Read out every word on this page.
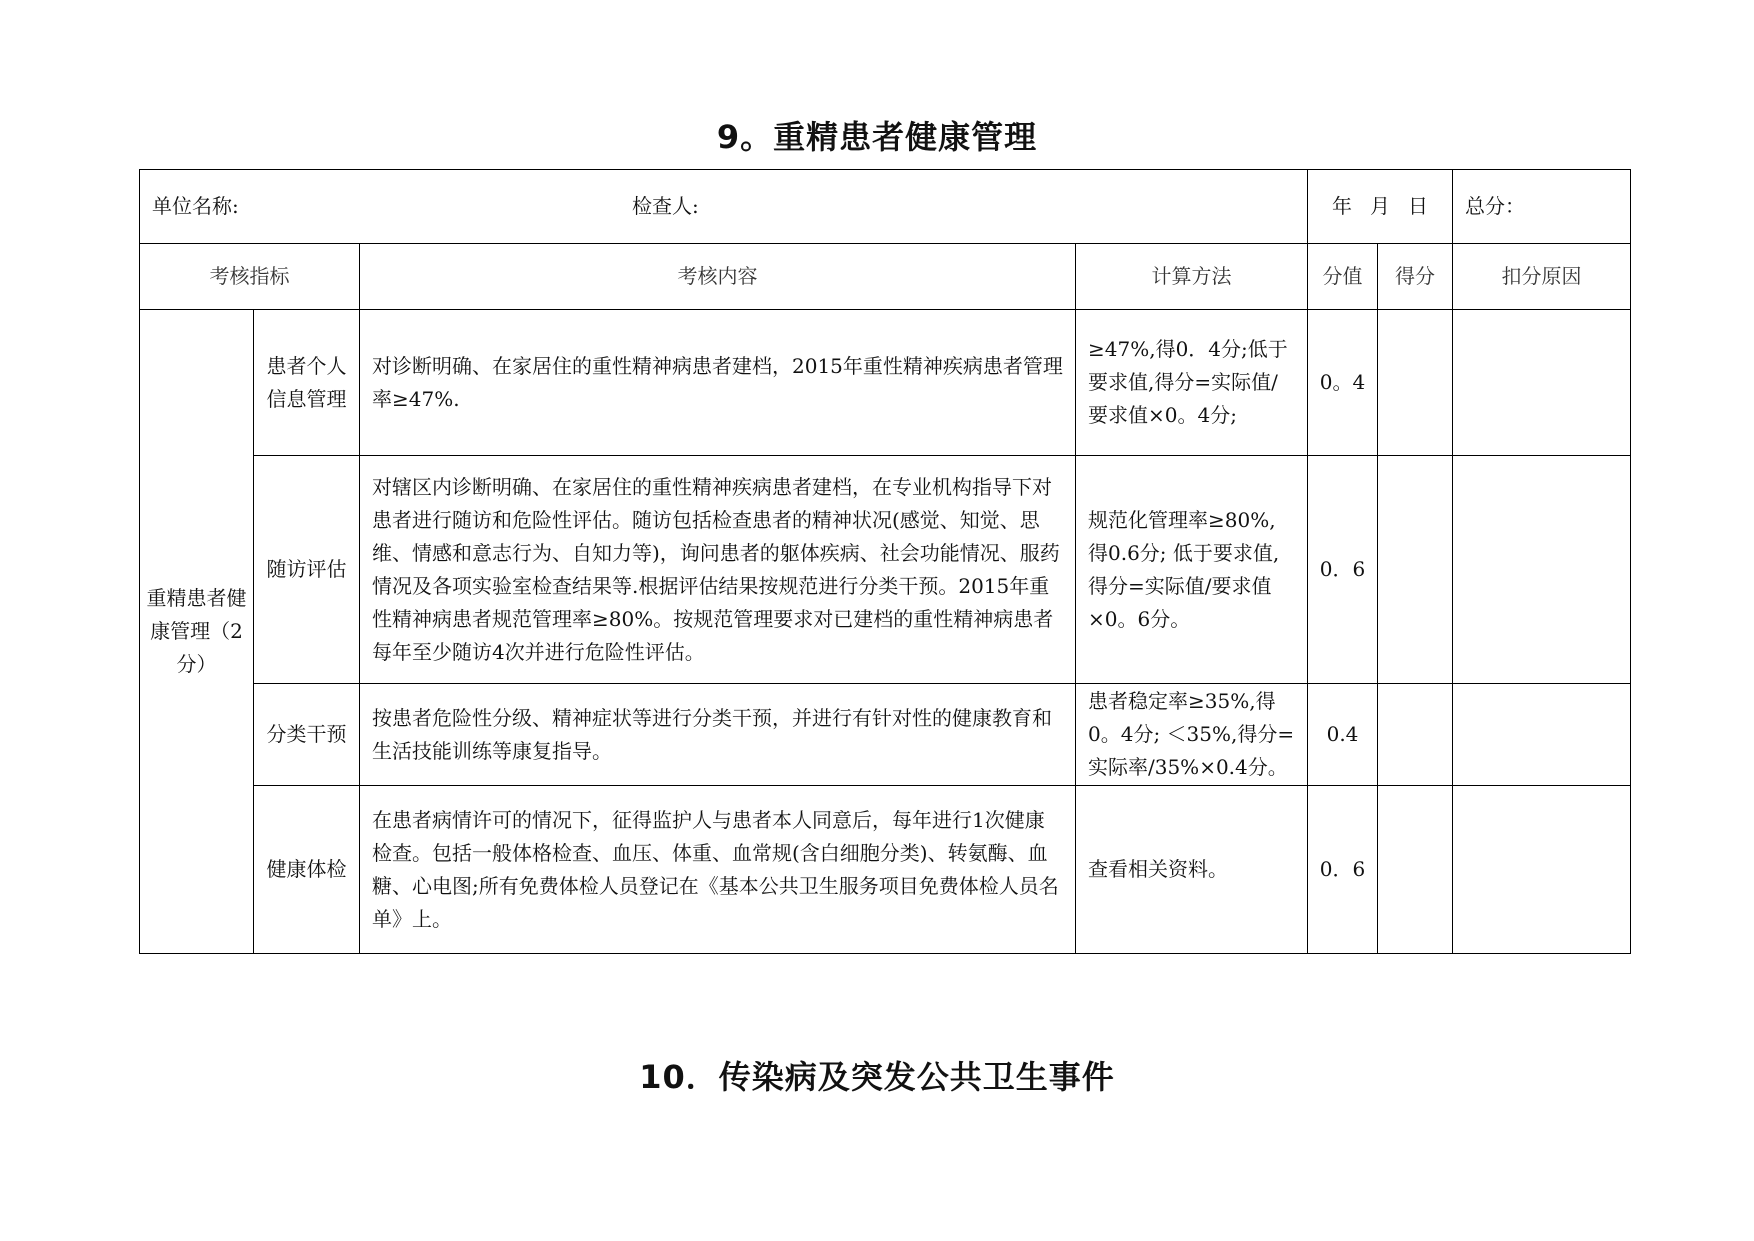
9。重精患者健康管理
单位名称: 检查人:				年 月 日		总分：
考核指标		考核内容	计算方法	分值	得分	扣分原因
重精患者健康管理（2分）	患者个人信息管理	对诊断明确、在家居住的重性精神病患者建档，2015年重性精神疾病患者管理率≥47%.	≥47%,得0．4分;低于要求值,得分=实际值/要求值×0。4分;	0。4		
	随访评估	对辖区内诊断明确、在家居住的重性精神疾病患者建档，在专业机构指导下对患者进行随访和危险性评估。随访包括检查患者的精神状况(感觉、知觉、思维、情感和意志行为、自知力等)，询问患者的躯体疾病、社会功能情况、服药情况及各项实验室检查结果等.根据评估结果按规范进行分类干预。2015年重性精神病患者规范管理率≥80%。按规范管理要求对已建档的重性精神病患者每年至少随访4次并进行危险性评估。	规范化管理率≥80%,得0.6分; 低于要求值,得分=实际值/要求值×0。6分。	0．6		
	分类干预	按患者危险性分级、精神症状等进行分类干预，并进行有针对性的健康教育和生活技能训练等康复指导。	患者稳定率≥35%,得0。4分; ＜35%,得分=实际率/35%×0.4分。	0.4		
	健康体检	在患者病情许可的情况下，征得监护人与患者本人同意后，每年进行1次健康检查。包括一般体格检查、血压、体重、血常规(含白细胞分类)、转氨酶、血糖、心电图;所有免费体检人员登记在《基本公共卫生服务项目免费体检人员名单》上。	查看相关资料。	0．6		
10．传染病及突发公共卫生事件
